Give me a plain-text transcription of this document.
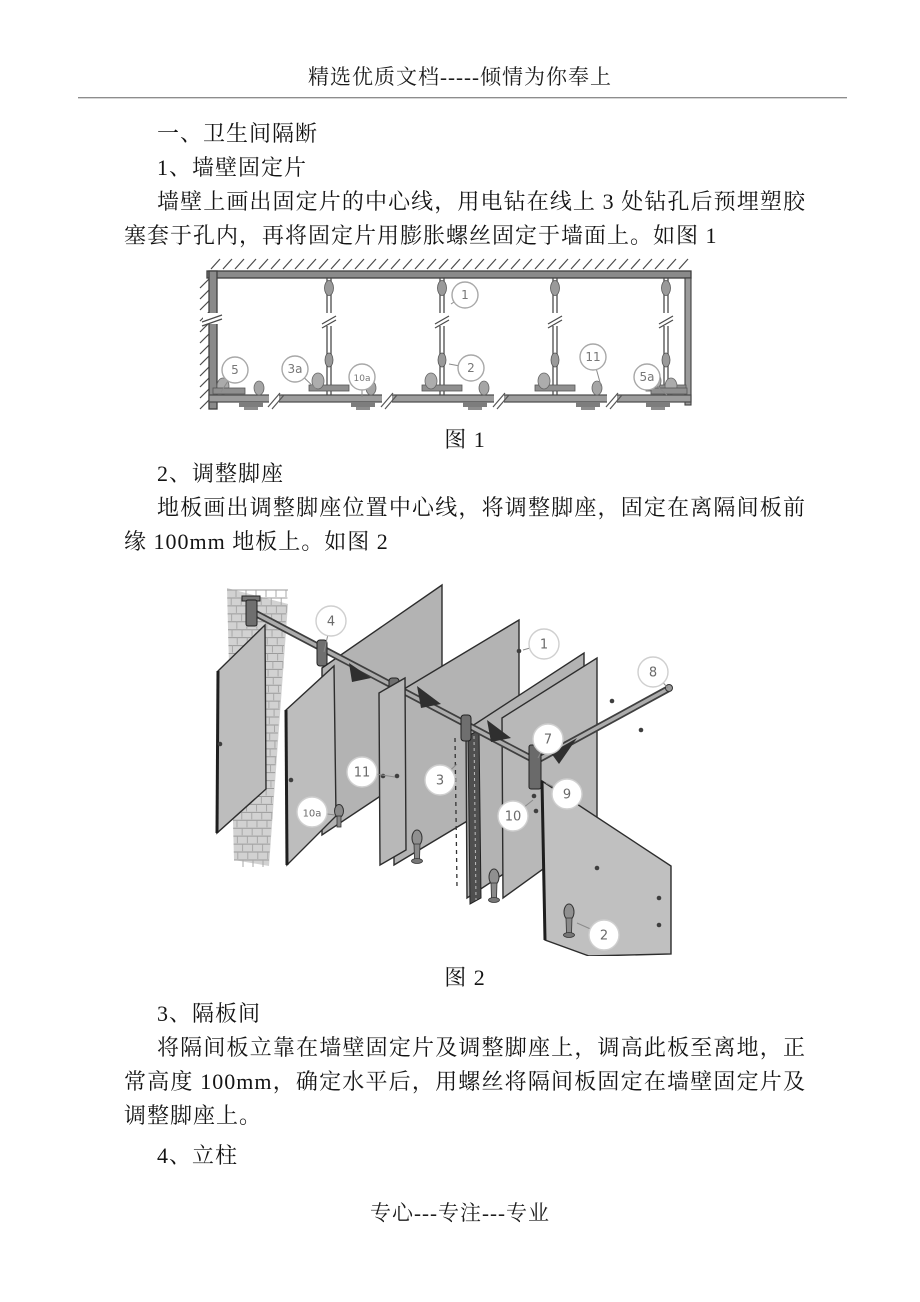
精选优质文档-----倾情为你奉上
一、卫生间隔断
1、墙壁固定片
墙壁上画出固定片的中心线，用电钻在线上 3 处钻孔后预埋塑胶塞套于孔内，再将固定片用膨胀螺丝固定于墙面上。如图 1
5	3a
10a
1
2
11
5a
图 1
2、调整脚座
地板画出调整脚座位置中心线，将调整脚座，固定在离隔间板前缘 100mm 地板上。如图 2
4
1
8
7
11
3
9
10
10a
2
图 2
3、隔板间
将隔间板立靠在墙壁固定片及调整脚座上，调高此板至离地，正常高度 100mm，确定水平后，用螺丝将隔间板固定在墙壁固定片及调整脚座上。
4、立柱
专心---专注---专业
